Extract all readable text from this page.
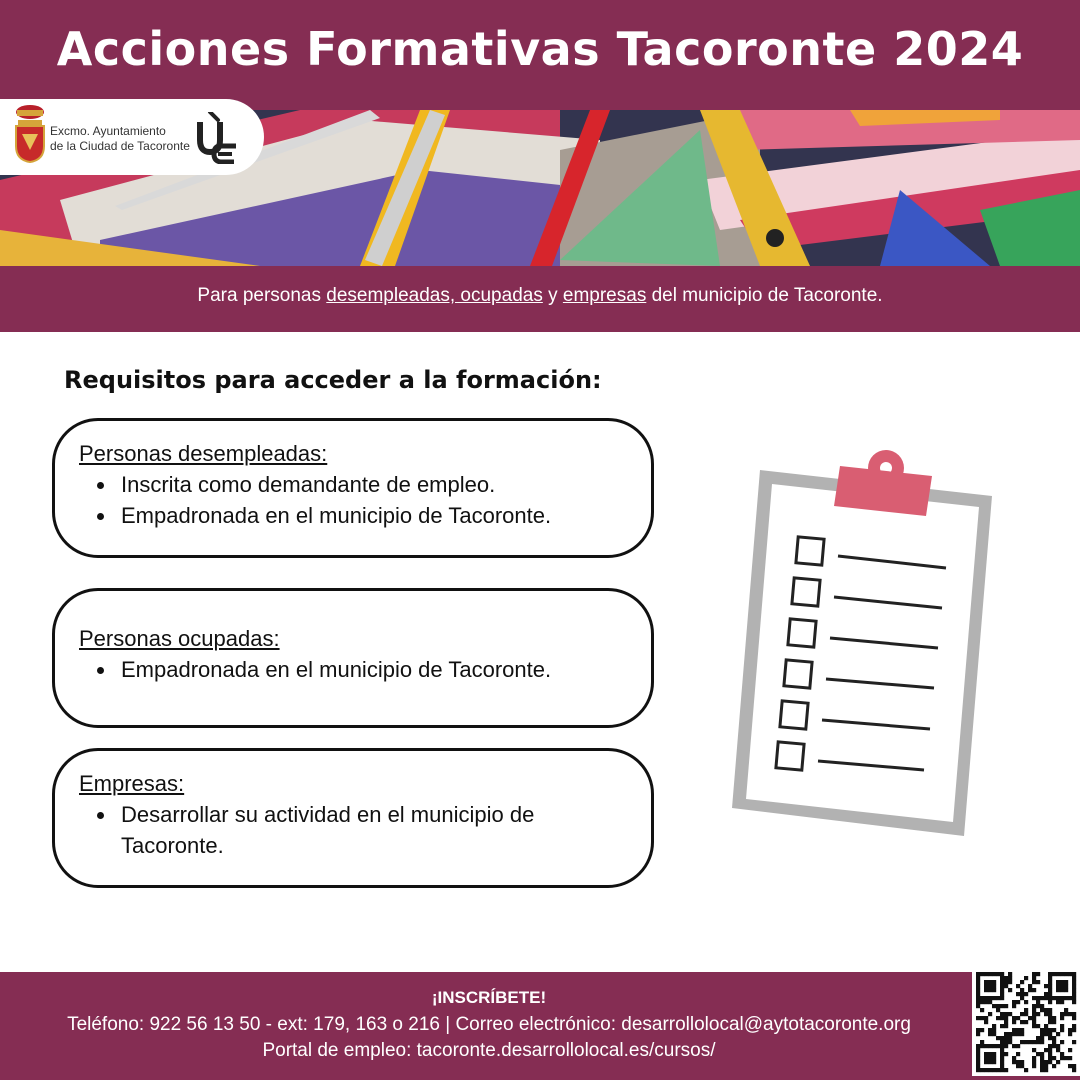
Acciones Formativas Tacoronte 2024
Excmo. Ayuntamiento
de la Ciudad de Tacoronte

Para personas desempleadas, ocupadas y empresas del municipio de Tacoronte.

Requisitos para acceder a la formación:
Personas desempleadas:
Inscrita como demandante de empleo.
Empadronada en el municipio de Tacoronte.
Personas ocupadas:
Empadronada en el municipio de Tacoronte.
Empresas:
Desarrollar su actividad en el municipio de Tacoronte.
¡INSCRÍBETE!
Teléfono: 922 56 13 50 - ext: 179, 163 o 216 | Correo electrónico: desarrollolocal@aytotacoronte.org
Portal de empleo: tacoronte.desarrollolocal.es/cursos/
